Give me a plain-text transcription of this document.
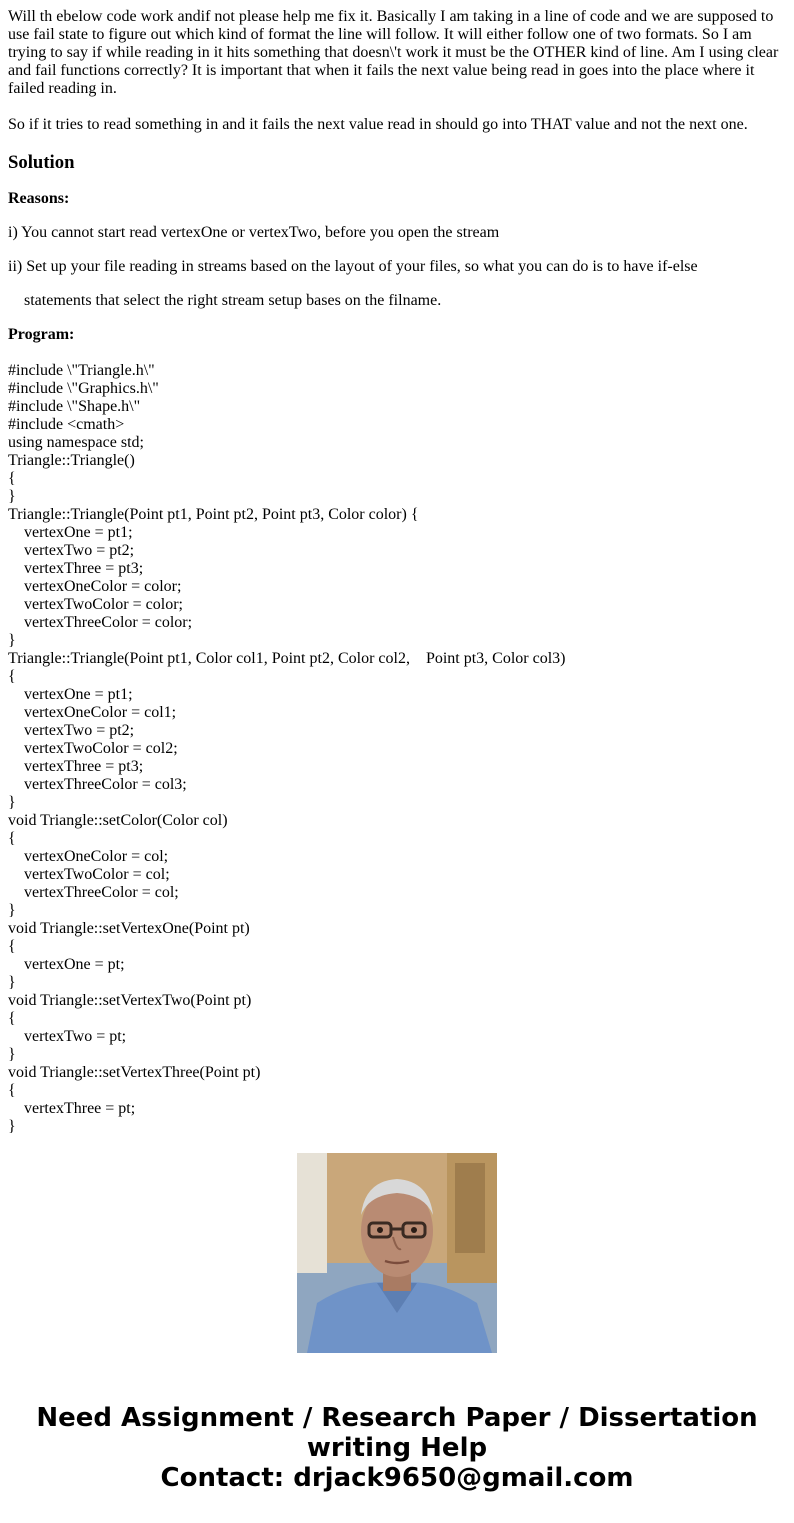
Will th ebelow code work andif not please help me fix it. Basically I am taking in a line of code and we are supposed to use fail state to figure out which kind of format the line will follow. It will either follow one of two formats. So I am trying to say if while reading in it hits something that doesn\'t work it must be the OTHER kind of line. Am I using clear and fail functions correctly? It is important that when it fails the next value being read in goes into the place where it failed reading in.

So if it tries to read something in and it fails the next value read in should go into THAT value and not the next one.

Solution
Reasons:
i) You cannot start read vertexOne or vertexTwo, before you open the stream
ii) Set up your file reading in streams based on the layout of your files, so what you can do is to have if-else
statements that select the right stream setup bases on the filname.
Program:
#include \"Triangle.h\"
#include \"Graphics.h\"
#include \"Shape.h\"
#include <cmath>
using namespace std;
Triangle::Triangle()
{
}
Triangle::Triangle(Point pt1, Point pt2, Point pt3, Color color) {
vertexOne = pt1;
vertexTwo = pt2;
vertexThree = pt3;
vertexOneColor = color;
vertexTwoColor = color;
vertexThreeColor = color;
}
Triangle::Triangle(Point pt1, Color col1, Point pt2, Color col2,    Point pt3, Color col3)
{
vertexOne = pt1;
vertexOneColor = col1;
vertexTwo = pt2;
vertexTwoColor = col2;
vertexThree = pt3;
vertexThreeColor = col3;
}
void Triangle::setColor(Color col)
{
vertexOneColor = col;
vertexTwoColor = col;
vertexThreeColor = col;
}
void Triangle::setVertexOne(Point pt)
{
vertexOne = pt;
}
void Triangle::setVertexTwo(Point pt)
{
vertexTwo = pt;
}
void Triangle::setVertexThree(Point pt)
{
vertexThree = pt;
}
Need Assignment / Research Paper / Dissertation
writing Help
Contact: drjack9650@gmail.com
